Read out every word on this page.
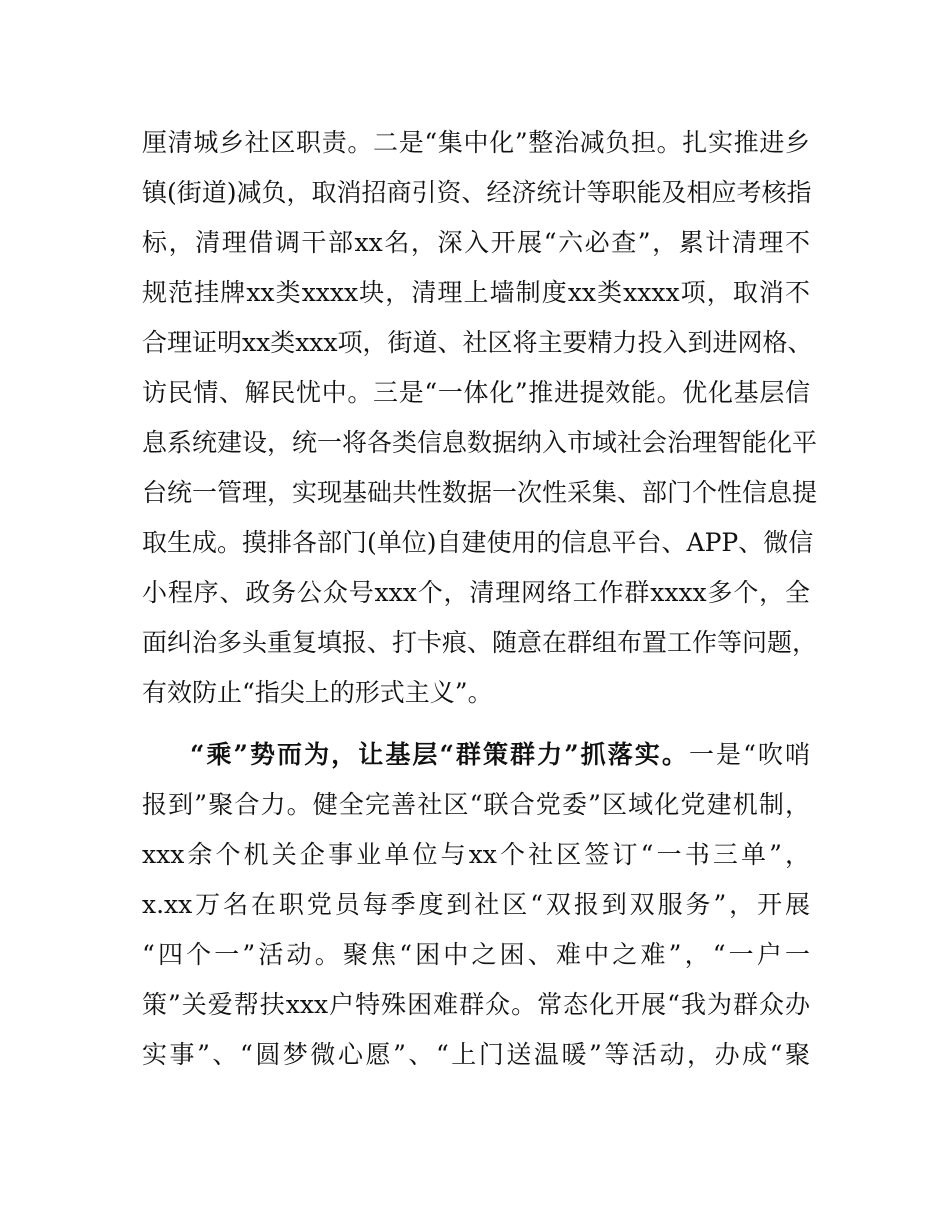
厘清城乡社区职责。二是“集中化”整治减负担。扎实推进乡
镇(街道)减负，取消招商引资、经济统计等职能及相应考核指
标，清理借调干部xx名，深入开展“六必查”，累计清理不
规范挂牌xx类xxxx块，清理上墙制度xx类xxxx项，取消不
合理证明xx类xxx项，街道、社区将主要精力投入到进网格、
访民情、解民忧中。三是“一体化”推进提效能。优化基层信
息系统建设，统一将各类信息数据纳入市域社会治理智能化平
台统一管理，实现基础共性数据一次性采集、部门个性信息提
取生成。摸排各部门(单位)自建使用的信息平台、APP、微信
小程序、政务公众号xxx个，清理网络工作群xxxx多个，全
面纠治多头重复填报、打卡痕、随意在群组布置工作等问题，
有效防止“指尖上的形式主义”。
“乘”势而为，让基层“群策群力”抓落实。一是“吹哨
报到”聚合力。健全完善社区“联合党委”区域化党建机制，
xxx余个机关企事业单位与xx个社区签订“一书三单”，
x.xx万名在职党员每季度到社区“双报到双服务”，开展
“四个一”活动。聚焦“困中之困、难中之难”，“一户一
策”关爱帮扶xxx户特殊困难群众。常态化开展“我为群众办
实事”、“圆梦微心愿”、“上门送温暖”等活动，办成“聚
